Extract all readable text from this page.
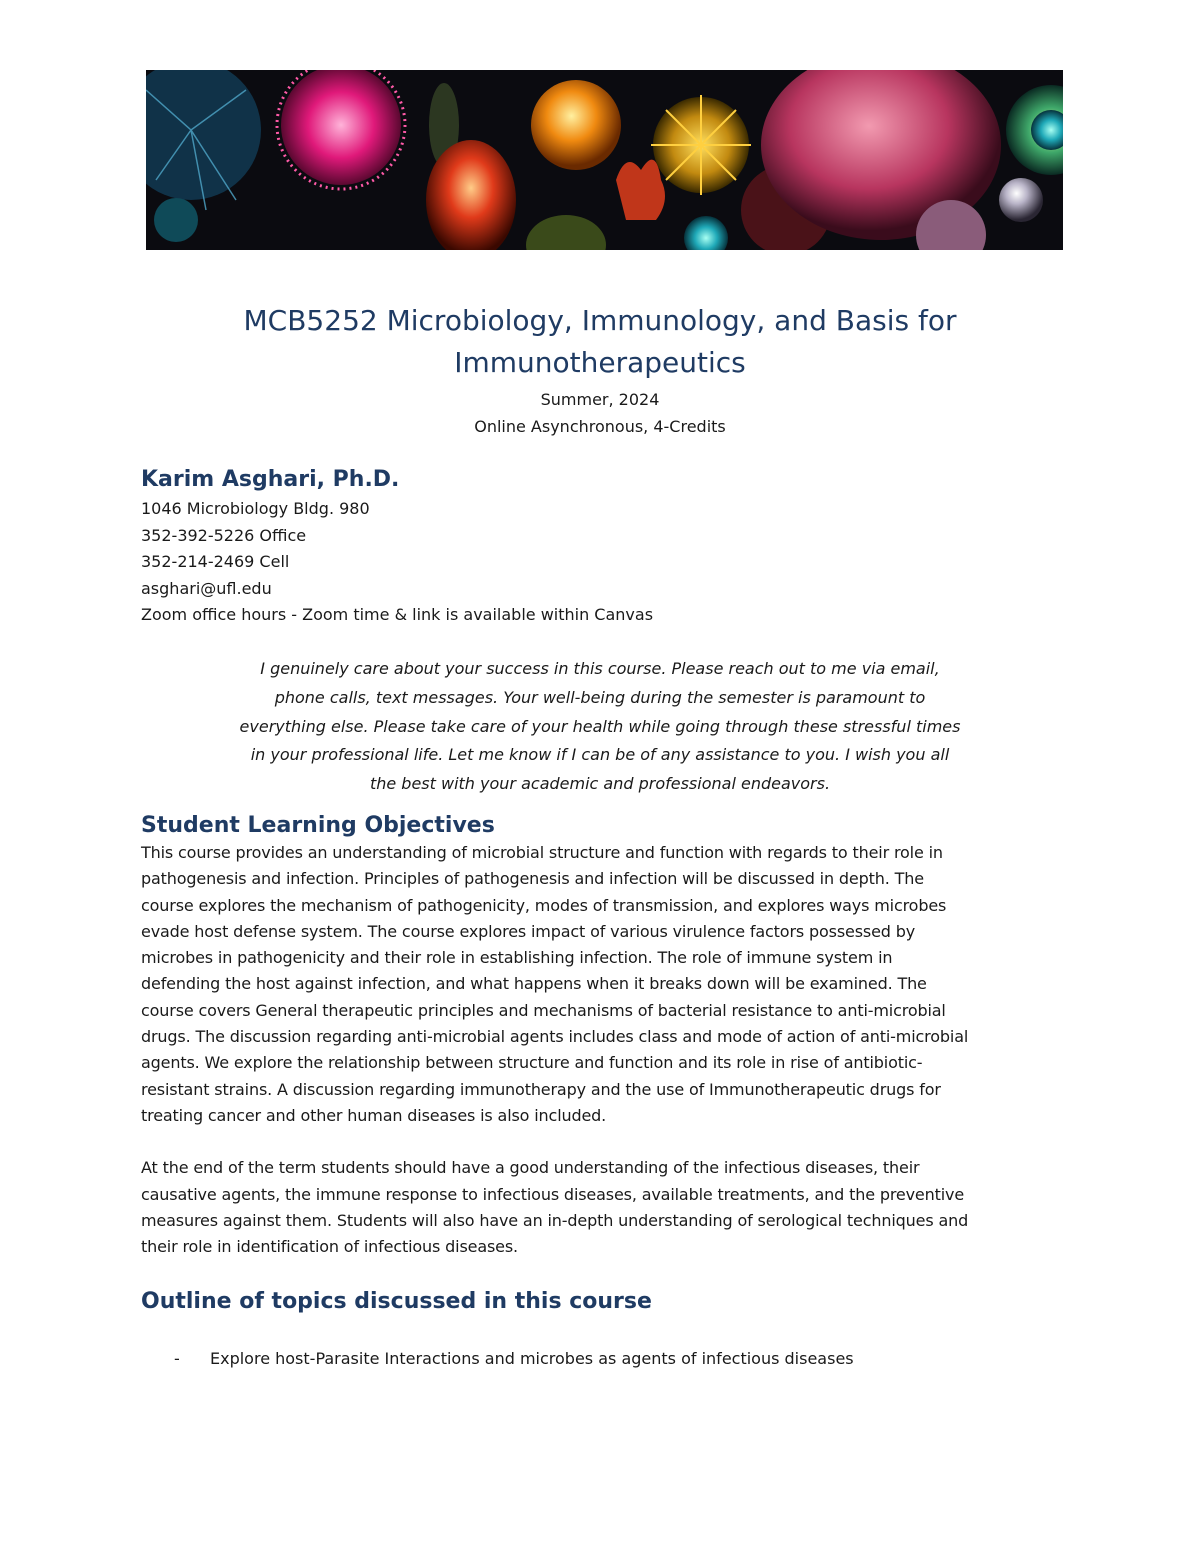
MCB5252 Microbiology, Immunology, and Basis for

Immunotherapeutics

Summer, 2024

Online Asynchronous, 4-Credits

Karim Asghari, Ph.D.

1046 Microbiology Bldg. 980

352-392-5226 Office

352-214-2469 Cell

asghari@ufl.edu

Zoom office hours - Zoom time & link is available within Canvas

I genuinely care about your success in this course. Please reach out to me via email,
phone calls, text messages. Your well-being during the semester is paramount to
everything else. Please take care of your health while going through these stressful times
in your professional life. Let me know if I can be of any assistance to you. I wish you all
the best with your academic and professional endeavors.

Student Learning Objectives

This course provides an understanding of microbial structure and function with regards to their role in
pathogenesis and infection. Principles of pathogenesis and infection will be discussed in depth. The
course explores the mechanism of pathogenicity, modes of transmission, and explores ways microbes
evade host defense system. The course explores impact of various virulence factors possessed by
microbes in pathogenicity and their role in establishing infection. The role of immune system in
defending the host against infection, and what happens when it breaks down will be examined. The
course covers General therapeutic principles and mechanisms of bacterial resistance to anti-microbial
drugs. The discussion regarding anti-microbial agents includes class and mode of action of anti-microbial
agents. We explore the relationship between structure and function and its role in rise of antibiotic-
resistant strains. A discussion regarding immunotherapy and the use of Immunotherapeutic drugs for
treating cancer and other human diseases is also included.
At the end of the term students should have a good understanding of the infectious diseases, their
causative agents, the immune response to infectious diseases, available treatments, and the preventive
measures against them. Students will also have an in-depth understanding of serological techniques and
their role in identification of infectious diseases.

Outline of topics discussed in this course

- Explore host-Parasite Interactions and microbes as agents of infectious diseases
